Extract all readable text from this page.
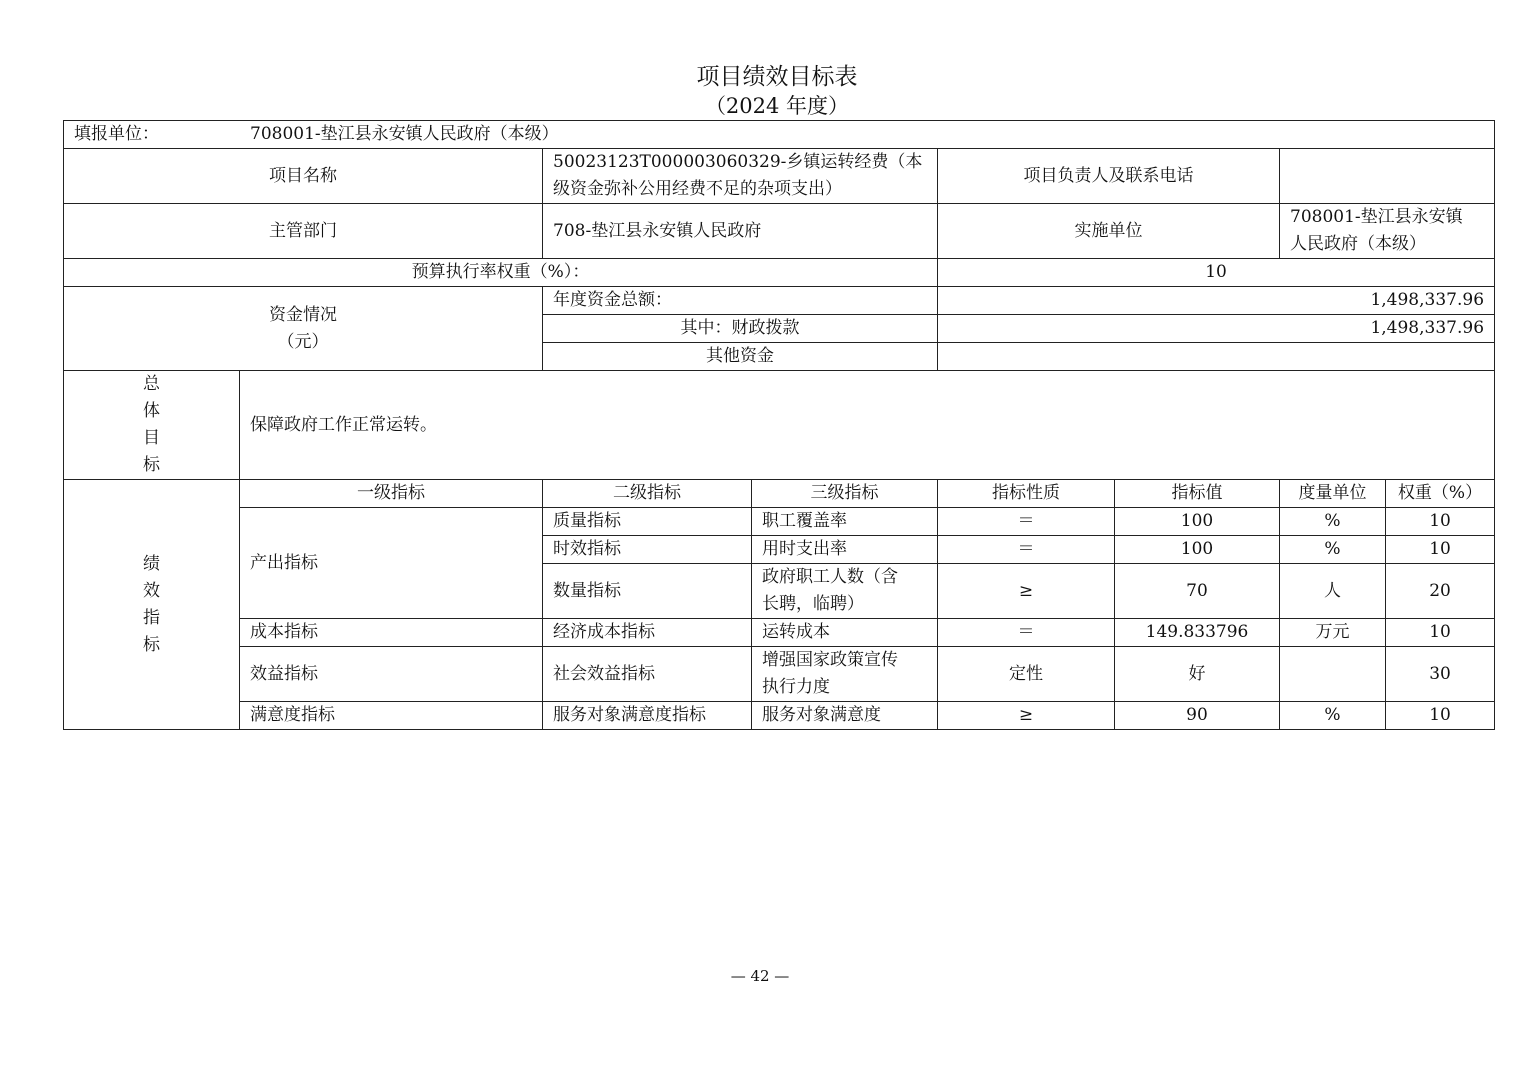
项目绩效目标表
（2024 年度）
填报单位： 708001-垫江县永安镇人民政府（本级）							
项目名称		50023123T000003060329-乡镇运转经费（本
级资金弥补公用经费不足的杂项支出）		项目负责人及联系电话			
主管部门		708-垫江县永安镇人民政府		实施单位		708001-垫江县永安镇
人民政府（本级）	

预算执行率权重（%）：				10			

资金情况
（元）		年度资金总额：		1,498,337.96			
		其中：财政拨款		1,498,337.96			
		其他资金					

总
体
目
标	保障政府工作正常运转。						

绩
效
指
标	一级指标	二级指标	三级指标	指标性质	指标值	度量单位	权重（%）
	产出指标	质量指标	职工覆盖率	＝	100	%	10
		时效指标	用时支出率	＝	100	%	10
		数量指标	政府职工人数（含
长聘，临聘）	≥	70	人	20
	成本指标	经济成本指标	运转成本	＝	149.833796	万元	10
	效益指标	社会效益指标	增强国家政策宣传
执行力度	定性	好		30
	满意度指标	服务对象满意度指标	服务对象满意度	≥	90	%	10
— 42 —
